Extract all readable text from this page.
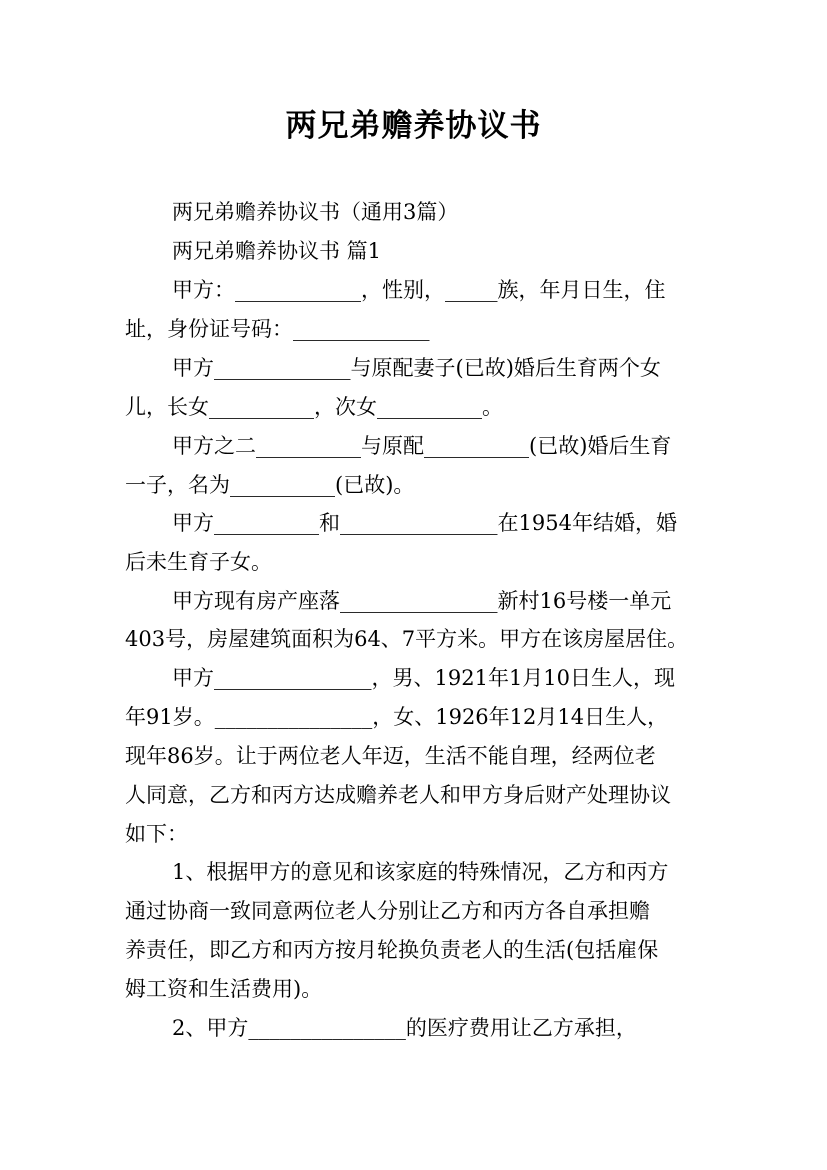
两兄弟赡养协议书
两兄弟赡养协议书（通用3篇）
两兄弟赡养协议书 篇1
甲方：____________，性别，_____族，年月日生，住
址，身份证号码：_____________
甲方_____________与原配妻子(已故)婚后生育两个女
儿，长女__________，次女__________。
甲方之二__________与原配__________(已故)婚后生育
一子，名为__________(已故)。
甲方__________和_______________在1954年结婚，婚
后未生育子女。
甲方现有房产座落_______________新村16号楼一单元
403号，房屋建筑面积为64、7平方米。甲方在该房屋居住。
甲方_______________，男、1921年1月10日生人，现
年91岁。_______________，女、1926年12月14日生人，
现年86岁。让于两位老人年迈，生活不能自理，经两位老
人同意，乙方和丙方达成赡养老人和甲方身后财产处理协议
如下：
1、根据甲方的意见和该家庭的特殊情况，乙方和丙方
通过协商一致同意两位老人分别让乙方和丙方各自承担赡
养责任，即乙方和丙方按月轮换负责老人的生活(包括雇保
姆工资和生活费用)。
2、甲方_______________的医疗费用让乙方承担，
